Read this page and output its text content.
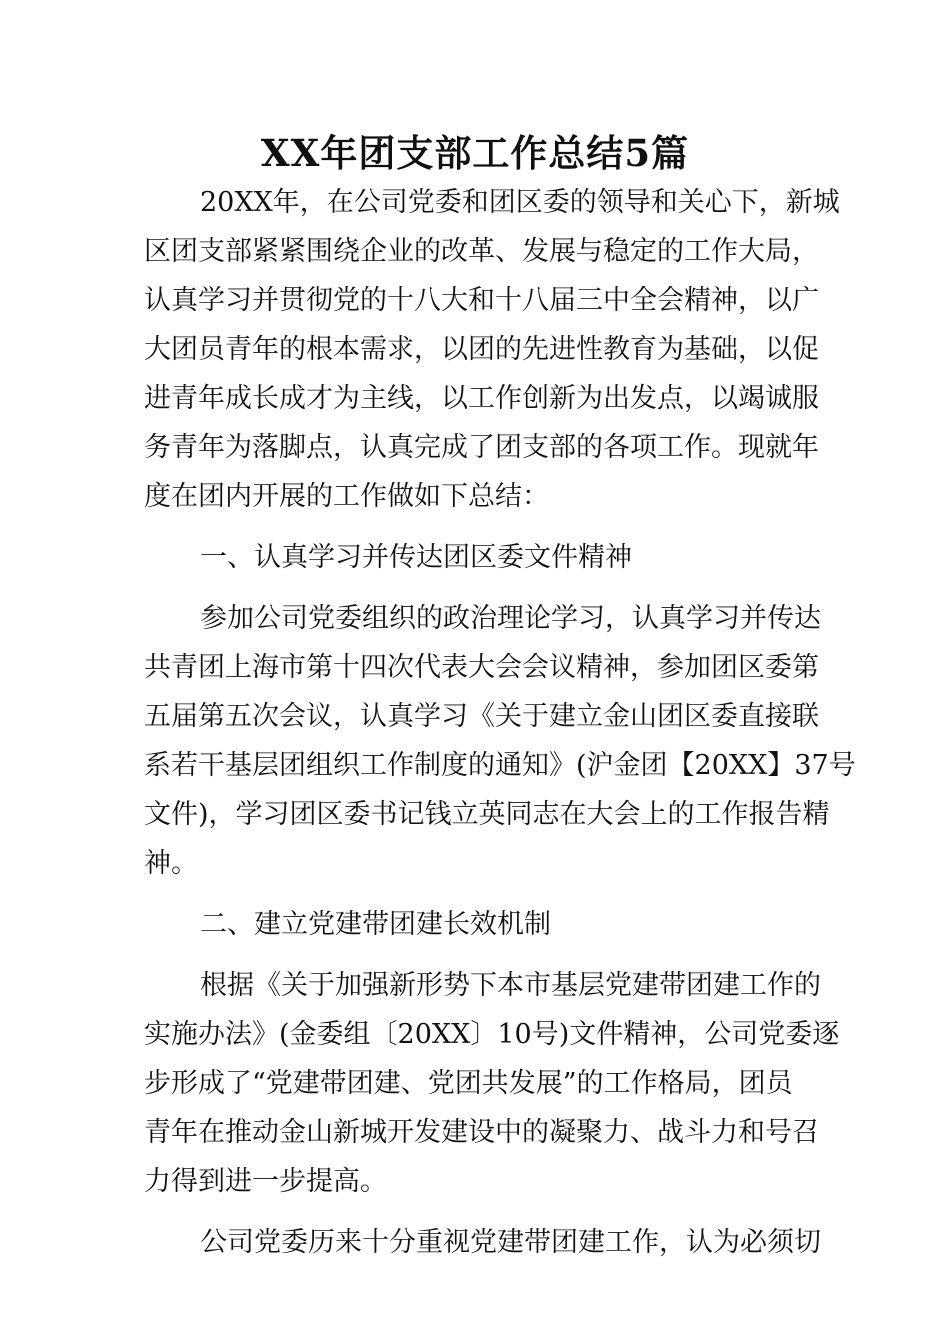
XX年团支部工作总结5篇
20XX年，在公司党委和团区委的领导和关心下，新城
区团支部紧紧围绕企业的改革、发展与稳定的工作大局，
认真学习并贯彻党的十八大和十八届三中全会精神，以广
大团员青年的根本需求，以团的先进性教育为基础，以促
进青年成长成才为主线，以工作创新为出发点，以竭诚服
务青年为落脚点，认真完成了团支部的各项工作。现就年
度在团内开展的工作做如下总结：
一、认真学习并传达团区委文件精神
参加公司党委组织的政治理论学习，认真学习并传达
共青团上海市第十四次代表大会会议精神，参加团区委第
五届第五次会议，认真学习《关于建立金山团区委直接联
系若干基层团组织工作制度的通知》(沪金团【20XX】37号
文件)，学习团区委书记钱立英同志在大会上的工作报告精
神。
二、建立党建带团建长效机制
根据《关于加强新形势下本市基层党建带团建工作的
实施办法》(金委组〔20XX〕10号)文件精神，公司党委逐
步形成了“党建带团建、党团共发展”的工作格局，团员
青年在推动金山新城开发建设中的凝聚力、战斗力和号召
力得到进一步提高。
公司党委历来十分重视党建带团建工作，认为必须切
